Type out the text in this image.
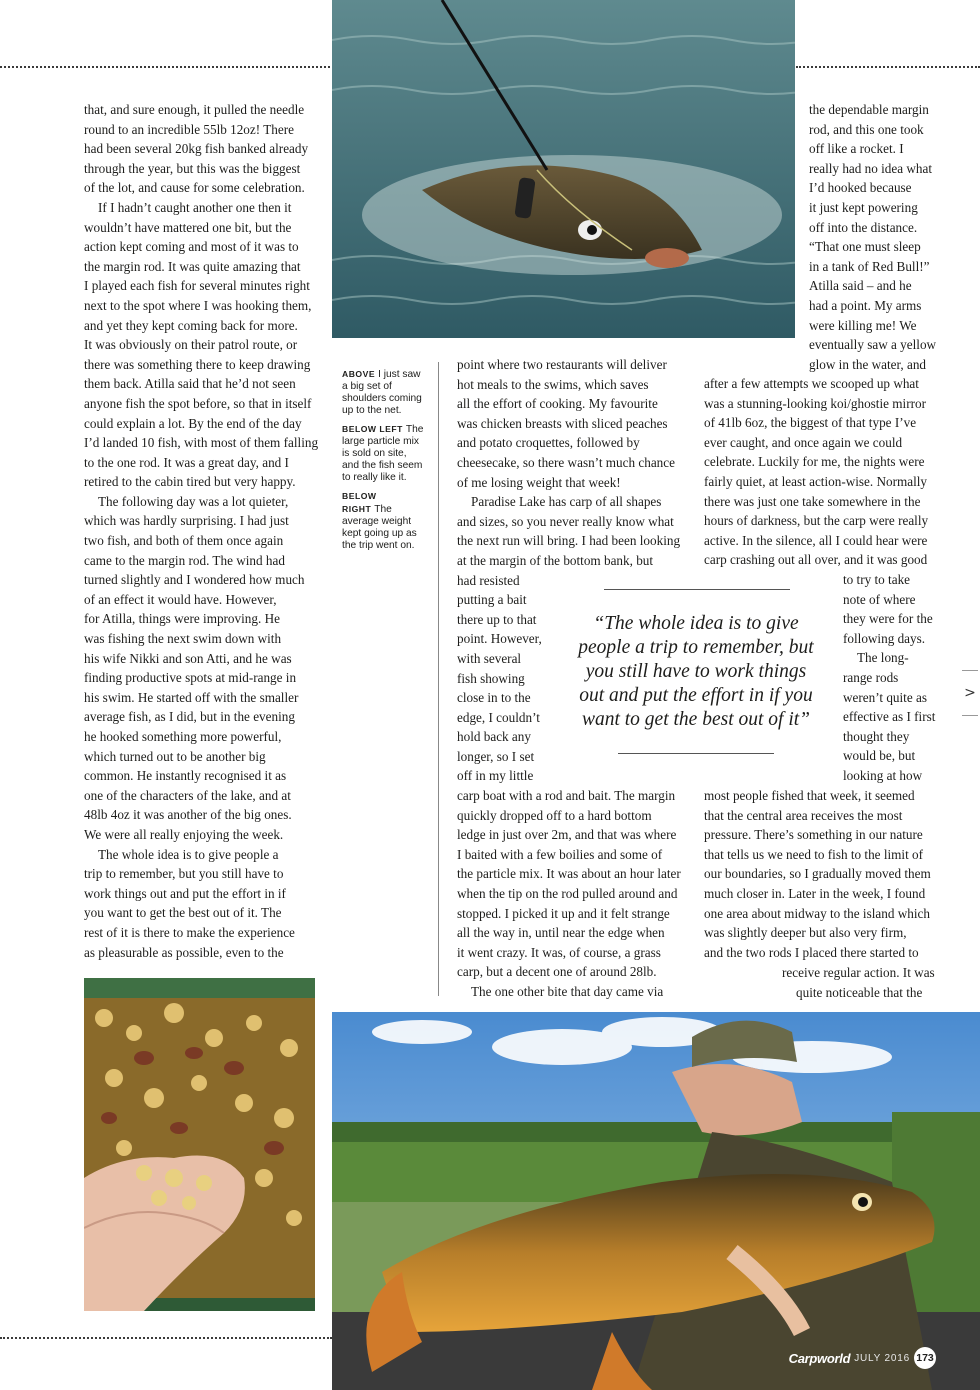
that, and sure enough, it pulled the needle
round to an incredible 55lb 12oz! There
had been several 20kg fish banked already
through the year, but this was the biggest
of the lot, and cause for some celebration.

If I hadn’t caught another one then it
wouldn’t have mattered one bit, but the
action kept coming and most of it was to
the margin rod. It was quite amazing that
I played each fish for several minutes right
next to the spot where I was hooking them,
and yet they kept coming back for more.
It was obviously on their patrol route, or
there was something there to keep drawing
them back. Atilla said that he’d not seen
anyone fish the spot before, so that in itself
could explain a lot. By the end of the day
I’d landed 10 fish, with most of them falling
to the one rod. It was a great day, and I
retired to the cabin tired but very happy.

The following day was a lot quieter,
which was hardly surprising. I had just
two fish, and both of them once again
came to the margin rod. The wind had
turned slightly and I wondered how much
of an effect it would have. However,
for Atilla, things were improving. He
was fishing the next swim down with
his wife Nikki and son Atti, and he was
finding productive spots at mid-range in
his swim. He started off with the smaller
average fish, as I did, but in the evening
he hooked something more powerful,
which turned out to be another big
common. He instantly recognised it as
one of the characters of the lake, and at
48lb 4oz it was another of the big ones.
We were all really enjoying the week.

The whole idea is to give people a
trip to remember, but you still have to
work things out and put the effort in if
you want to get the best out of it. The
rest of it is there to make the experience
as pleasurable as possible, even to the

ABOVE I just saw a big set of shoulders coming up to the net.
BELOW LEFT The large particle mix is sold on site, and the fish seem to really like it.
BELOW RIGHT The average weight kept going up as the trip went on.

point where two restaurants will deliver
hot meals to the swims, which saves
all the effort of cooking. My favourite
was chicken breasts with sliced peaches
and potato croquettes, followed by
cheesecake, so there wasn’t much chance
of me losing weight that week!

Paradise Lake has carp of all shapes
and sizes, so you never really know what
the next run will bring. I had been looking
at the margin of the bottom bank, but
had resisted
putting a bait
there up to that
point. However,
with several
fish showing
close in to the
edge, I couldn’t
hold back any
longer, so I set
off in my little
carp boat with a rod and bait. The margin
quickly dropped off to a hard bottom
ledge in just over 2m, and that was where
I baited with a few boilies and some of
the particle mix. It was about an hour later
when the tip on the rod pulled around and
stopped. I picked it up and it felt strange
all the way in, until near the edge when
it went crazy. It was, of course, a grass
carp, but a decent one of around 28lb.

The one other bite that day came via

the dependable margin
rod, and this one took
off like a rocket. I
really had no idea what
I’d hooked because
it just kept powering
off into the distance.
“That one must sleep
in a tank of Red Bull!”
Atilla said – and he
had a point. My arms
were killing me! We
eventually saw a yellow
glow in the water, and
after a few attempts we scooped up what
was a stunning-looking koi/ghostie mirror
of 41lb 6oz, the biggest of that type I’ve
ever caught, and once again we could
celebrate. Luckily for me, the nights were
fairly quiet, at least action-wise. Normally
there was just one take somewhere in the
hours of darkness, but the carp were really
active. In the silence, all I could hear were
carp crashing out all over, and it was good
to try to take
note of where
they were for the
following days.
The long-
range rods
weren’t quite as
effective as I first
thought they
would be, but
looking at how
most people fished that week, it seemed
that the central area receives the most
pressure. There’s something in our nature
that tells us we need to fish to the limit of
our boundaries, so I gradually moved them
much closer in. Later in the week, I found
one area about midway to the island which
was slightly deeper but also very firm,
and the two rods I placed there started to
receive regular action. It was
quite noticeable that the
“The whole idea is to give
people a trip to remember, but
you still have to work things
out and put the effort in if you
want to get the best out of it”
>
Carpworld JULY 2016 173
